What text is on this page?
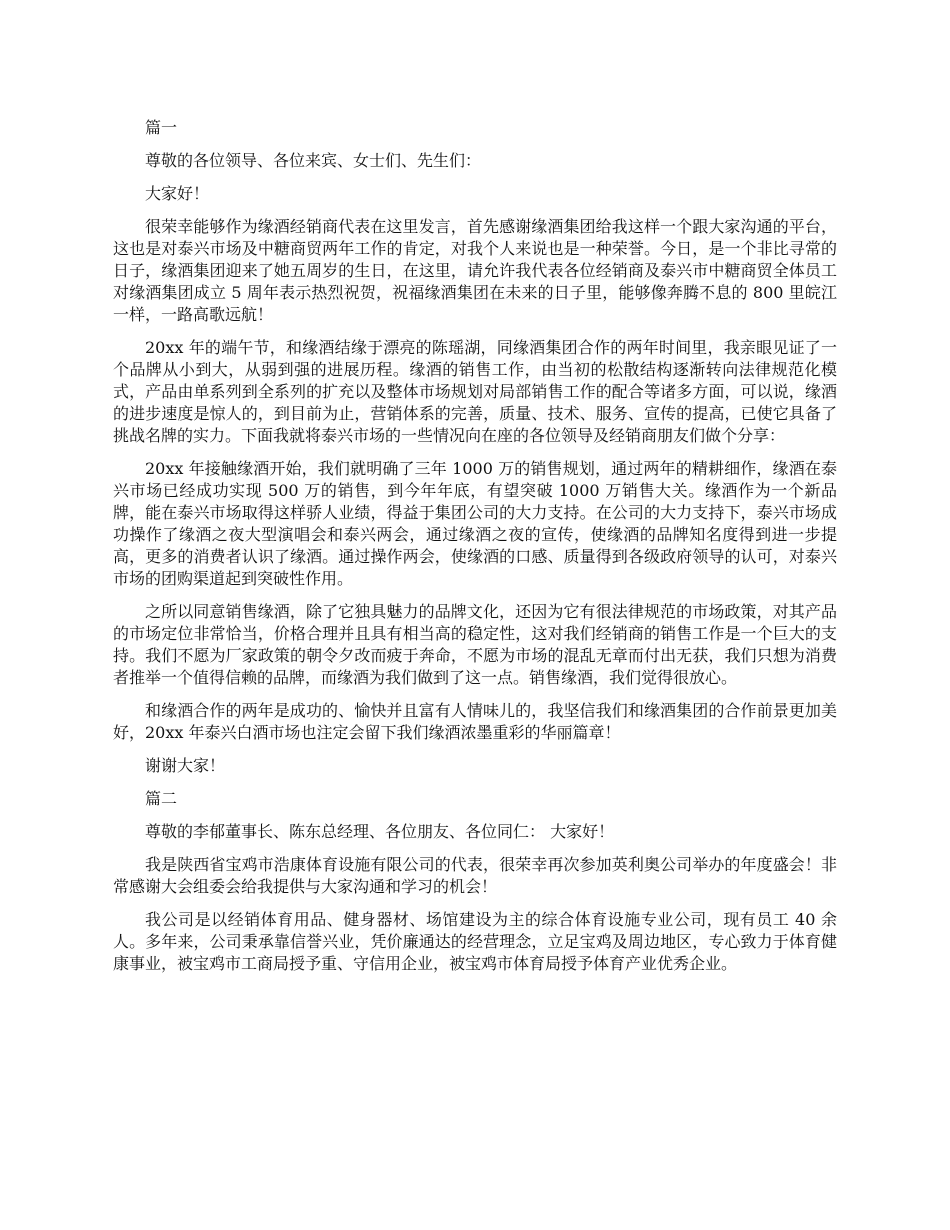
篇一

尊敬的各位领导、各位来宾、女士们、先生们：

大家好！

很荣幸能够作为缘酒经销商代表在这里发言，首先感谢缘酒集团给我这样一个跟大家沟通的平台，这也是对泰兴市场及中糖商贸两年工作的肯定，对我个人来说也是一种荣誉。今日，是一个非比寻常的日子，缘酒集团迎来了她五周岁的生日，在这里，请允许我代表各位经销商及泰兴市中糖商贸全体员工对缘酒集团成立 5 周年表示热烈祝贺，祝福缘酒集团在未来的日子里，能够像奔腾不息的 800 里皖江一样，一路高歌远航！

20xx 年的端午节，和缘酒结缘于漂亮的陈瑶湖，同缘酒集团合作的两年时间里，我亲眼见证了一个品牌从小到大，从弱到强的进展历程。缘酒的销售工作，由当初的松散结构逐渐转向法律规范化模式，产品由单系列到全系列的扩充以及整体市场规划对局部销售工作的配合等诸多方面，可以说，缘酒的进步速度是惊人的，到目前为止，营销体系的完善，质量、技术、服务、宣传的提高，已使它具备了挑战名牌的实力。下面我就将泰兴市场的一些情况向在座的各位领导及经销商朋友们做个分享：

20xx 年接触缘酒开始，我们就明确了三年 1000 万的销售规划，通过两年的精耕细作，缘酒在泰兴市场已经成功实现 500 万的销售，到今年年底，有望突破 1000 万销售大关。缘酒作为一个新品牌，能在泰兴市场取得这样骄人业绩，得益于集团公司的大力支持。在公司的大力支持下，泰兴市场成功操作了缘酒之夜大型演唱会和泰兴两会，通过缘酒之夜的宣传，使缘酒的品牌知名度得到进一步提高，更多的消费者认识了缘酒。通过操作两会，使缘酒的口感、质量得到各级政府领导的认可，对泰兴市场的团购渠道起到突破性作用。

之所以同意销售缘酒，除了它独具魅力的品牌文化，还因为它有很法律规范的市场政策，对其产品的市场定位非常恰当，价格合理并且具有相当高的稳定性，这对我们经销商的销售工作是一个巨大的支持。我们不愿为厂家政策的朝令夕改而疲于奔命，不愿为市场的混乱无章而付出无获，我们只想为消费者推举一个值得信赖的品牌，而缘酒为我们做到了这一点。销售缘酒，我们觉得很放心。

和缘酒合作的两年是成功的、愉快并且富有人情味儿的，我坚信我们和缘酒集团的合作前景更加美好，20xx 年泰兴白酒市场也注定会留下我们缘酒浓墨重彩的华丽篇章！

谢谢大家！

篇二

尊敬的李郁董事长、陈东总经理、各位朋友、各位同仁： 大家好！

我是陕西省宝鸡市浩康体育设施有限公司的代表，很荣幸再次参加英利奥公司举办的年度盛会！非常感谢大会组委会给我提供与大家沟通和学习的机会！

我公司是以经销体育用品、健身器材、场馆建设为主的综合体育设施专业公司，现有员工 40 余人。多年来，公司秉承靠信誉兴业，凭价廉通达的经营理念，立足宝鸡及周边地区，专心致力于体育健康事业，被宝鸡市工商局授予重、守信用企业，被宝鸡市体育局授予体育产业优秀企业。
